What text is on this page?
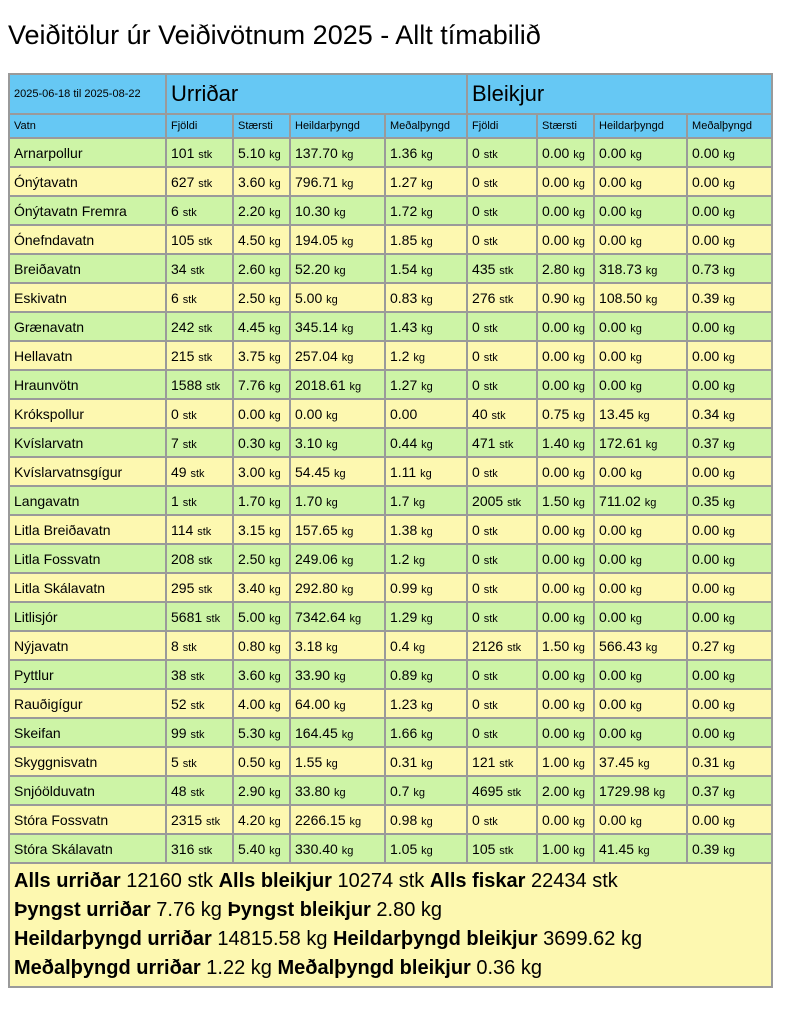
Veiðitölur úr Veiðivötnum 2025 - Allt tímabilið
2025-06-18 til 2025-08-22	Urriðar				Bleikjur			
Vatn	Fjöldi	Stærsti	Heildarþyngd	Meðalþyngd	Fjöldi	Stærsti	Heildarþyngd	Meðalþyngd
Arnarpollur	101 stk	5.10 kg	137.70 kg	1.36 kg	0 stk	0.00 kg	0.00 kg	0.00 kg
Ónýtavatn	627 stk	3.60 kg	796.71 kg	1.27 kg	0 stk	0.00 kg	0.00 kg	0.00 kg
Ónýtavatn Fremra	6 stk	2.20 kg	10.30 kg	1.72 kg	0 stk	0.00 kg	0.00 kg	0.00 kg
Ónefndavatn	105 stk	4.50 kg	194.05 kg	1.85 kg	0 stk	0.00 kg	0.00 kg	0.00 kg
Breiðavatn	34 stk	2.60 kg	52.20 kg	1.54 kg	435 stk	2.80 kg	318.73 kg	0.73 kg
Eskivatn	6 stk	2.50 kg	5.00 kg	0.83 kg	276 stk	0.90 kg	108.50 kg	0.39 kg
Grænavatn	242 stk	4.45 kg	345.14 kg	1.43 kg	0 stk	0.00 kg	0.00 kg	0.00 kg
Hellavatn	215 stk	3.75 kg	257.04 kg	1.2 kg	0 stk	0.00 kg	0.00 kg	0.00 kg
Hraunvötn	1588 stk	7.76 kg	2018.61 kg	1.27 kg	0 stk	0.00 kg	0.00 kg	0.00 kg
Krókspollur	0 stk	0.00 kg	0.00 kg	0.00	40 stk	0.75 kg	13.45 kg	0.34 kg
Kvíslarvatn	7 stk	0.30 kg	3.10 kg	0.44 kg	471 stk	1.40 kg	172.61 kg	0.37 kg
Kvíslarvatnsgígur	49 stk	3.00 kg	54.45 kg	1.11 kg	0 stk	0.00 kg	0.00 kg	0.00 kg
Langavatn	1 stk	1.70 kg	1.70 kg	1.7 kg	2005 stk	1.50 kg	711.02 kg	0.35 kg
Litla Breiðavatn	114 stk	3.15 kg	157.65 kg	1.38 kg	0 stk	0.00 kg	0.00 kg	0.00 kg
Litla Fossvatn	208 stk	2.50 kg	249.06 kg	1.2 kg	0 stk	0.00 kg	0.00 kg	0.00 kg
Litla Skálavatn	295 stk	3.40 kg	292.80 kg	0.99 kg	0 stk	0.00 kg	0.00 kg	0.00 kg
Litlisjór	5681 stk	5.00 kg	7342.64 kg	1.29 kg	0 stk	0.00 kg	0.00 kg	0.00 kg
Nýjavatn	8 stk	0.80 kg	3.18 kg	0.4 kg	2126 stk	1.50 kg	566.43 kg	0.27 kg
Pyttlur	38 stk	3.60 kg	33.90 kg	0.89 kg	0 stk	0.00 kg	0.00 kg	0.00 kg
Rauðigígur	52 stk	4.00 kg	64.00 kg	1.23 kg	0 stk	0.00 kg	0.00 kg	0.00 kg
Skeifan	99 stk	5.30 kg	164.45 kg	1.66 kg	0 stk	0.00 kg	0.00 kg	0.00 kg
Skyggnisvatn	5 stk	0.50 kg	1.55 kg	0.31 kg	121 stk	1.00 kg	37.45 kg	0.31 kg
Snjóölduvatn	48 stk	2.90 kg	33.80 kg	0.7 kg	4695 stk	2.00 kg	1729.98 kg	0.37 kg
Stóra Fossvatn	2315 stk	4.20 kg	2266.15 kg	0.98 kg	0 stk	0.00 kg	0.00 kg	0.00 kg
Stóra Skálavatn	316 stk	5.40 kg	330.40 kg	1.05 kg	105 stk	1.00 kg	41.45 kg	0.39 kg

Alls urriðar 12160 stk Alls bleikjur 10274 stk Alls fiskar 22434 stk
Þyngst urriðar 7.76 kg Þyngst bleikjur 2.80 kg
Heildarþyngd urriðar 14815.58 kg Heildarþyngd bleikjur 3699.62 kg
Meðalþyngd urriðar 1.22 kg Meðalþyngd bleikjur 0.36 kg								
